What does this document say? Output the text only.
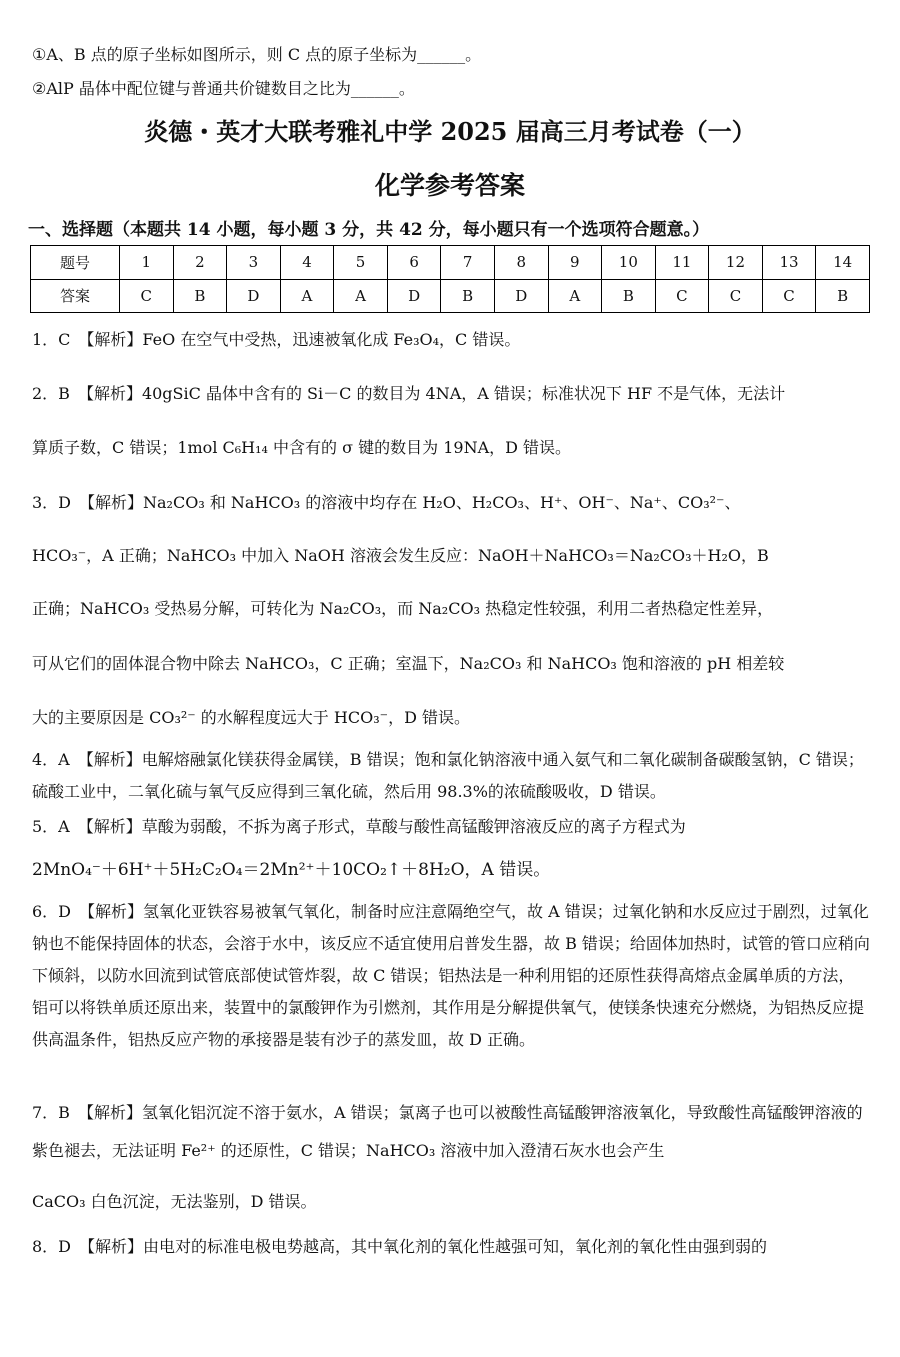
①A、B 点的原子坐标如图所示，则 C 点的原子坐标为______。
②AlP 晶体中配位键与普通共价键数目之比为______。
炎德・英才大联考雅礼中学 2025 届高三月考试卷（一）
化学参考答案
一、选择题（本题共 14 小题，每小题 3 分，共 42 分，每小题只有一个选项符合题意。）
题号	1	2	3	4	5	6	7	8	9	10	11	12	13	14
答案	C	B	D	A	A	D	B	D	A	B	C	C	C	B
1．C　【解析】FeO 在空气中受热，迅速被氧化成 Fe₃O₄，C 错误。
2．B　【解析】40gSiC 晶体中含有的 Si－C 的数目为 4NA，A 错误；标准状况下 HF 不是气体，无法计
算质子数，C 错误；1mol C₆H₁₄ 中含有的 σ 键的数目为 19NA，D 错误。
3．D　【解析】Na₂CO₃ 和 NaHCO₃ 的溶液中均存在 H₂O、H₂CO₃、H⁺、OH⁻、Na⁺、CO₃²⁻、
HCO₃⁻，A 正确；NaHCO₃ 中加入 NaOH 溶液会发生反应：NaOH＋NaHCO₃＝Na₂CO₃＋H₂O，B
正确；NaHCO₃ 受热易分解，可转化为 Na₂CO₃，而 Na₂CO₃ 热稳定性较强，利用二者热稳定性差异，
可从它们的固体混合物中除去 NaHCO₃，C 正确；室温下，Na₂CO₃ 和 NaHCO₃ 饱和溶液的 pH 相差较
大的主要原因是 CO₃²⁻ 的水解程度远大于 HCO₃⁻，D 错误。
4．A　【解析】电解熔融氯化镁获得金属镁，B 错误；饱和氯化钠溶液中通入氨气和二氧化碳制备碳酸氢钠，C 错误；硫酸工业中，二氧化硫与氧气反应得到三氧化硫，然后用 98.3%的浓硫酸吸收，D 错误。
5．A　【解析】草酸为弱酸，不拆为离子形式，草酸与酸性高锰酸钾溶液反应的离子方程式为
2MnO₄⁻＋6H⁺＋5H₂C₂O₄＝2Mn²⁺＋10CO₂↑＋8H₂O，A 错误。
6．D　【解析】氢氧化亚铁容易被氧气氧化，制备时应注意隔绝空气，故 A 错误；过氧化钠和水反应过于剧烈，过氧化钠也不能保持固体的状态，会溶于水中，该反应不适宜使用启普发生器，故 B 错误；给固体加热时，试管的管口应稍向下倾斜，以防水回流到试管底部使试管炸裂，故 C 错误；铝热法是一种利用铝的还原性获得高熔点金属单质的方法，铝可以将铁单质还原出来，装置中的氯酸钾作为引燃剂，其作用是分解提供氧气，使镁条快速充分燃烧，为铝热反应提供高温条件，铝热反应产物的承接器是装有沙子的蒸发皿，故 D 正确。
7．B　【解析】氢氧化铝沉淀不溶于氨水，A 错误；氯离子也可以被酸性高锰酸钾溶液氧化，导致酸性高锰酸钾溶液的紫色褪去，无法证明 Fe²⁺ 的还原性，C 错误；NaHCO₃ 溶液中加入澄清石灰水也会产生
CaCO₃ 白色沉淀，无法鉴别，D 错误。
8．D　【解析】由电对的标准电极电势越高，其中氧化剂的氧化性越强可知，氧化剂的氧化性由强到弱的
